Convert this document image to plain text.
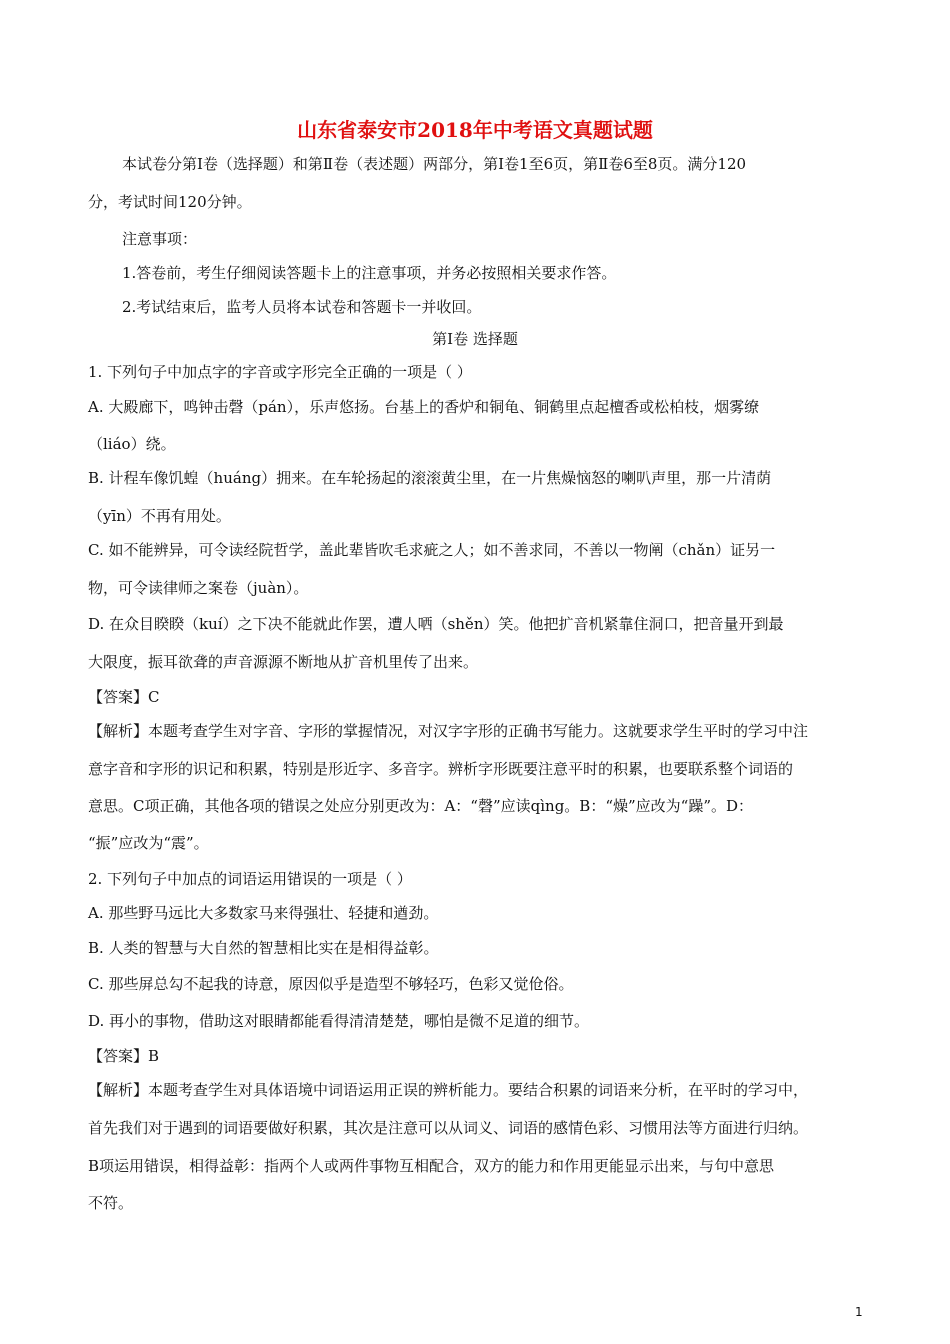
山东省泰安市2018年中考语文真题试题
本试卷分第Ⅰ卷（选择题）和第Ⅱ卷（表述题）两部分，第Ⅰ卷1至6页，第Ⅱ卷6至8页。满分120
分，考试时间120分钟。
注意事项：
1.答卷前，考生仔细阅读答题卡上的注意事项，并务必按照相关要求作答。
2.考试结束后，监考人员将本试卷和答题卡一并收回。
第Ⅰ卷 选择题
1. 下列句子中加点字的字音或字形完全正确的一项是（ ）
A. 大殿廊下，鸣钟击磬（pán），乐声悠扬。台基上的香炉和铜龟、铜鹤里点起檀香或松柏枝，烟雾缭
（liáo）绕。
B. 计程车像饥蝗（huáng）拥来。在车轮扬起的滚滚黄尘里，在一片焦燥恼怒的喇叭声里，那一片清荫
（yīn）不再有用处。
C. 如不能辨异，可令读经院哲学，盖此辈皆吹毛求疵之人；如不善求同，不善以一物阐（chǎn）证另一
物，可令读律师之案卷（juàn）。
D. 在众目睽睽（kuí）之下决不能就此作罢，遭人哂（shěn）笑。他把扩音机紧靠住洞口，把音量开到最
大限度，振耳欲聋的声音源源不断地从扩音机里传了出来。
【答案】C
【解析】本题考查学生对字音、字形的掌握情况，对汉字字形的正确书写能力。这就要求学生平时的学习中注
意字音和字形的识记和积累，特别是形近字、多音字。辨析字形既要注意平时的积累，也要联系整个词语的
意思。C项正确，其他各项的错误之处应分别更改为：A：“磬”应读qìng。B：“燥”应改为“躁”。D：
“振”应改为“震”。
2. 下列句子中加点的词语运用错误的一项是（ ）
A. 那些野马远比大多数家马来得强壮、轻捷和遒劲。
B. 人类的智慧与大自然的智慧相比实在是相得益彰。
C. 那些屏总勾不起我的诗意，原因似乎是造型不够轻巧，色彩又觉伧俗。
D. 再小的事物，借助这对眼睛都能看得清清楚楚，哪怕是微不足道的细节。
【答案】B
【解析】本题考查学生对具体语境中词语运用正误的辨析能力。要结合积累的词语来分析，在平时的学习中，
首先我们对于遇到的词语要做好积累，其次是注意可以从词义、词语的感情色彩、习惯用法等方面进行归纳。
B项运用错误，相得益彰：指两个人或两件事物互相配合，双方的能力和作用更能显示出来，与句中意思
不符。
1
